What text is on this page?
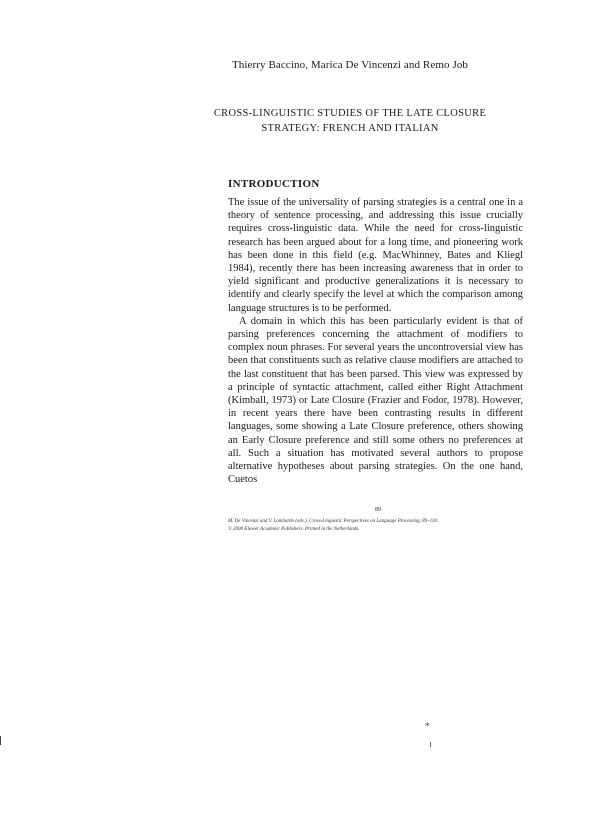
Thierry Baccino, Marica De Vincenzi and Remo Job
CROSS-LINGUISTIC STUDIES OF THE LATE CLOSURE
STRATEGY: FRENCH AND ITALIAN
INTRODUCTION

The issue of the universality of parsing strategies is a central one in a theory of sentence processing, and addressing this issue crucially requires cross-linguistic data. While the need for cross-linguistic research has been argued about for a long time, and pioneering work has been done in this field (e.g. MacWhinney, Bates and Kliegl 1984), recently there has been increasing awareness that in order to yield significant and productive generalizations it is necessary to identify and clearly specify the level at which the comparison among language structures is to be performed.

A domain in which this has been particularly evident is that of parsing preferences concerning the attachment of modifiers to complex noun phrases. For several years the uncontroversial view has been that constituents such as relative clause modifiers are attached to the last constituent that has been parsed. This view was expressed by a principle of syntactic attachment, called either Right Attachment (Kimball, 1973) or Late Closure (Frazier and Fodor, 1978). However, in recent years there have been contrasting results in different languages, some showing a Late Closure preference, others showing an Early Closure preference and still some others no preferences at all. Such a situation has motivated several authors to propose alternative hypotheses about parsing strategies. On the one hand, Cuetos

89
M. De Vincenzi and V. Lombardo (eds.), Cross-Linguistic Perspectives on Language Processing, 89–118.
© 2000 Kluwer Academic Publishers. Printed in the Netherlands.
⁎
